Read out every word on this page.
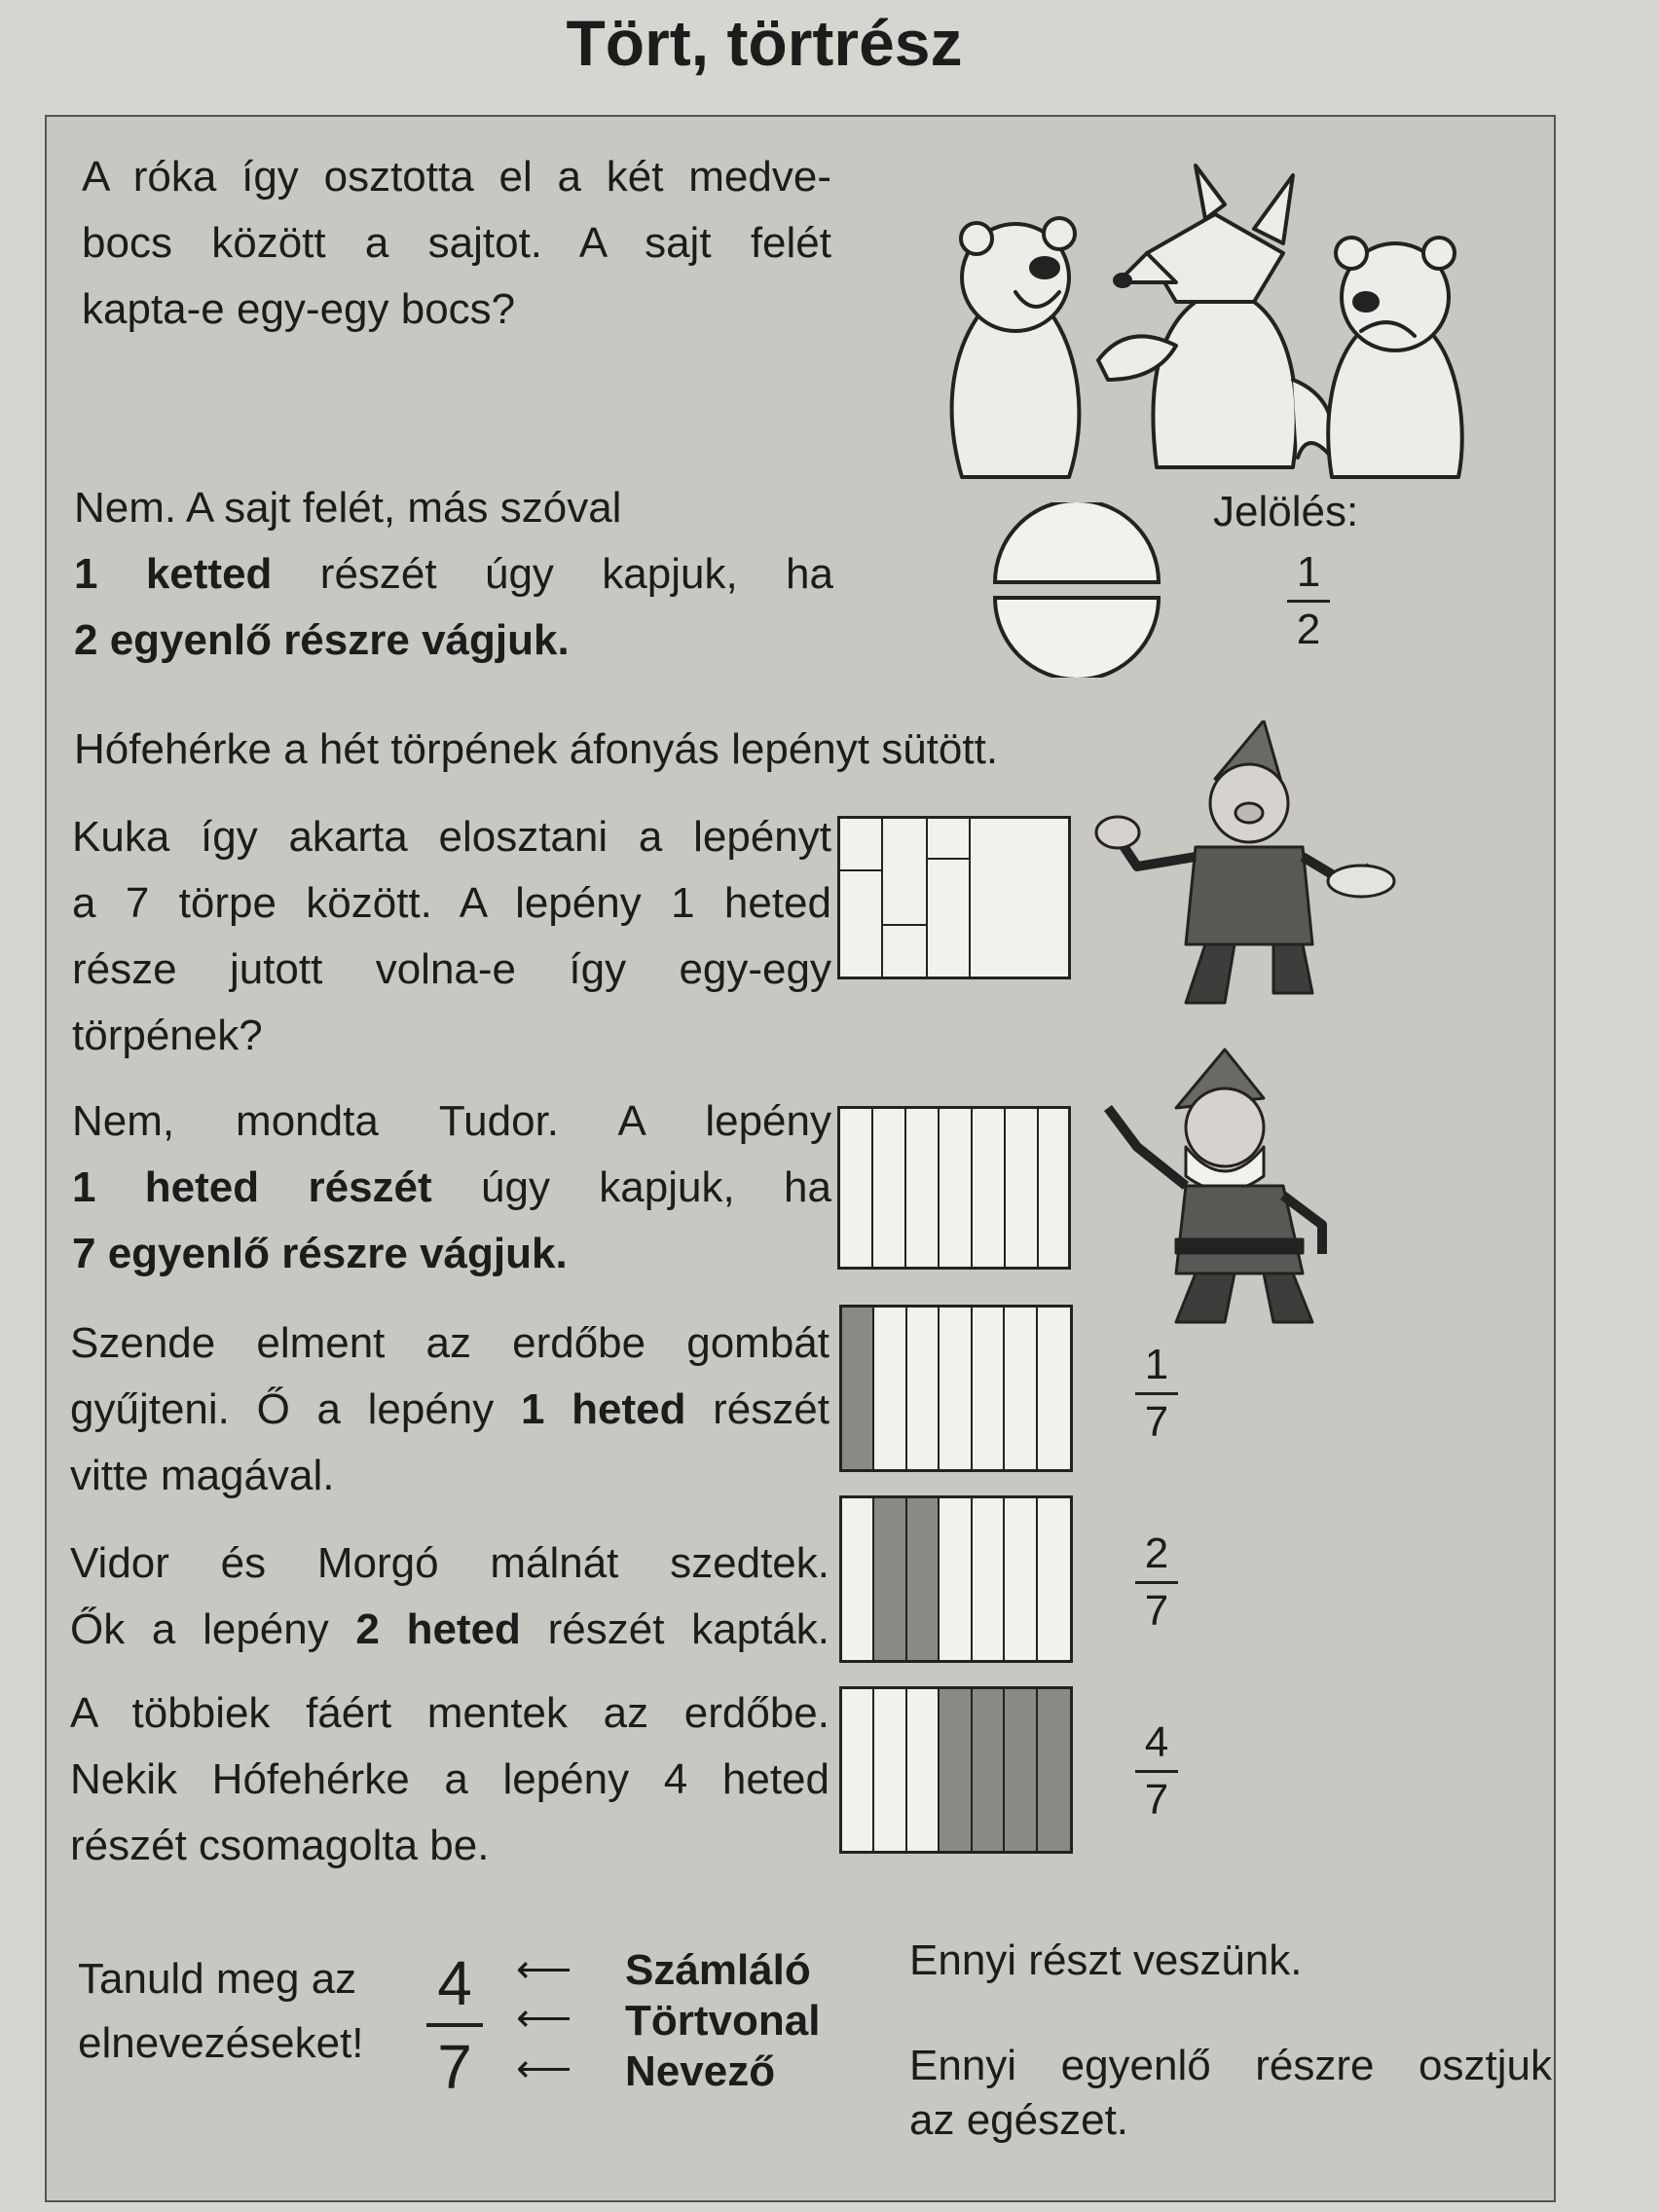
Tört, törtrész
A róka így osztotta el a két medve-
bocs között a sajtot. A sajt felét
kapta-e egy-egy bocs?
Nem. A sajt felét, más szóval

1 ketted részét úgy kapjuk, ha
2 egyenlő részre vágjuk.
Jelölés:
1
2
Hófehérke a hét törpének áfonyás lepényt sütött.
Kuka így akarta elosztani a lepényt
a 7 törpe között. A lepény 1 heted
része jutott volna-e így egy-egy
törpének?
Nem, mondta Tudor. A lepény
1 heted részét úgy kapjuk, ha
7 egyenlő részre vágjuk.
Szende elment az erdőbe gombát
gyűjteni. Ő a lepény 1 heted részét
vitte magával.
Vidor és Morgó málnát szedtek.
Ők a lepény 2 heted részét kapták.
A többiek fáért mentek az erdőbe.
Nekik Hófehérke a lepény 4 heted
részét csomagolta be.
1
7
2
7
4
7
Tanuld meg az
elnevezéseket!
⟵
⟵
⟵
Számláló
Törtvonal
Nevező
Ennyi részt veszünk.
Ennyi egyenlő részre osztjuk
az egészet.
4
7
